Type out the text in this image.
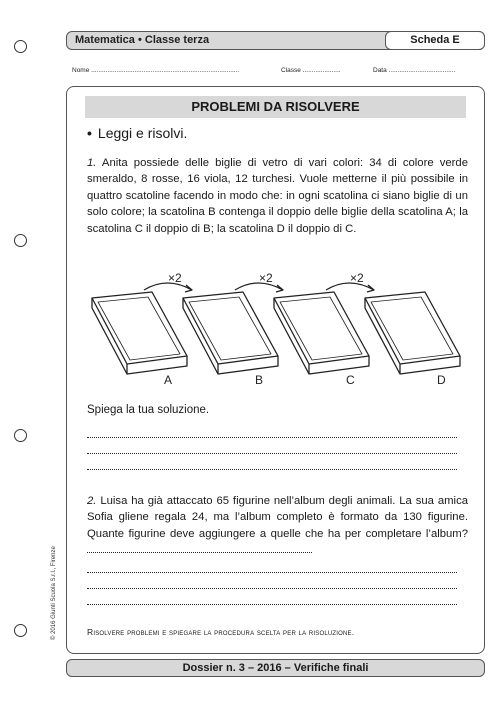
Matematica • Classe terza	Scheda E
Nome ..................................................................................	Classe .....................	Data .....................................
PROBLEMI DA RISOLVERE
• Leggi e risolvi.
1. Anita possiede delle biglie di vetro di vari colori: 34 di colore verde smeraldo, 8 rosse, 16 viola, 12 turchesi. Vuole metterne il più possibile in quattro scatoline facendo in modo che: in ogni scatolina ci siano biglie di un solo colore; la scatolina B contenga il doppio delle biglie della scatolina A; la scatolina C il doppio di B; la scatolina D il doppio di C.
×2	×2	×2
A	B	C	D
Spiega la tua soluzione.
2. Luisa ha già attaccato 65 figurine nell’album degli animali. La sua amica Sofia gliene regala 24, ma l’album completo è formato da 130 figurine. Quante figurine deve aggiungere a quelle che ha per completare l’album?
Risolvere problemi e spiegare la procedura scelta per la risoluzione.
© 2016 Giunti Scuola S.r.l., Firenze
Dossier n. 3 – 2016 – Verifiche finali
